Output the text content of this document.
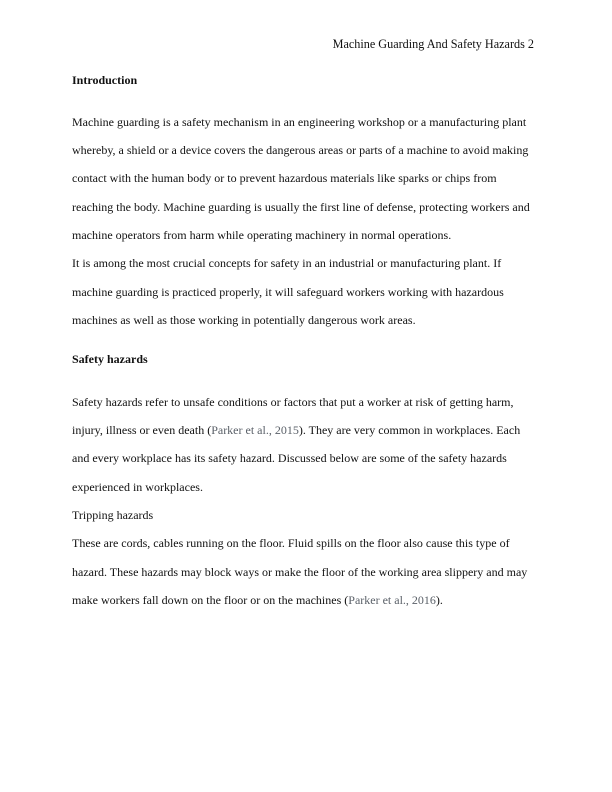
Machine Guarding And Safety Hazards 2
Introduction
Machine guarding is a safety mechanism in an engineering workshop or a manufacturing plant
whereby, a shield or a device covers the dangerous areas or parts of a machine to avoid making
contact with the human body or to prevent hazardous materials like sparks or chips from
reaching the body. Machine guarding is usually the first line of defense, protecting workers and
machine operators from harm while operating machinery in normal operations.
It is among the most crucial concepts for safety in an industrial or manufacturing plant. If
machine guarding is practiced properly, it will safeguard workers working with hazardous
machines as well as those working in potentially dangerous work areas.
Safety hazards
Safety hazards refer to unsafe conditions or factors that put a worker at risk of getting harm,
injury, illness or even death (Parker et al., 2015). They are very common in workplaces. Each
and every workplace has its safety hazard. Discussed below are some of the safety hazards
experienced in workplaces.
Tripping hazards
These are cords, cables running on the floor. Fluid spills on the floor also cause this type of
hazard. These hazards may block ways or make the floor of the working area slippery and may
make workers fall down on the floor or on the machines (Parker et al., 2016).
